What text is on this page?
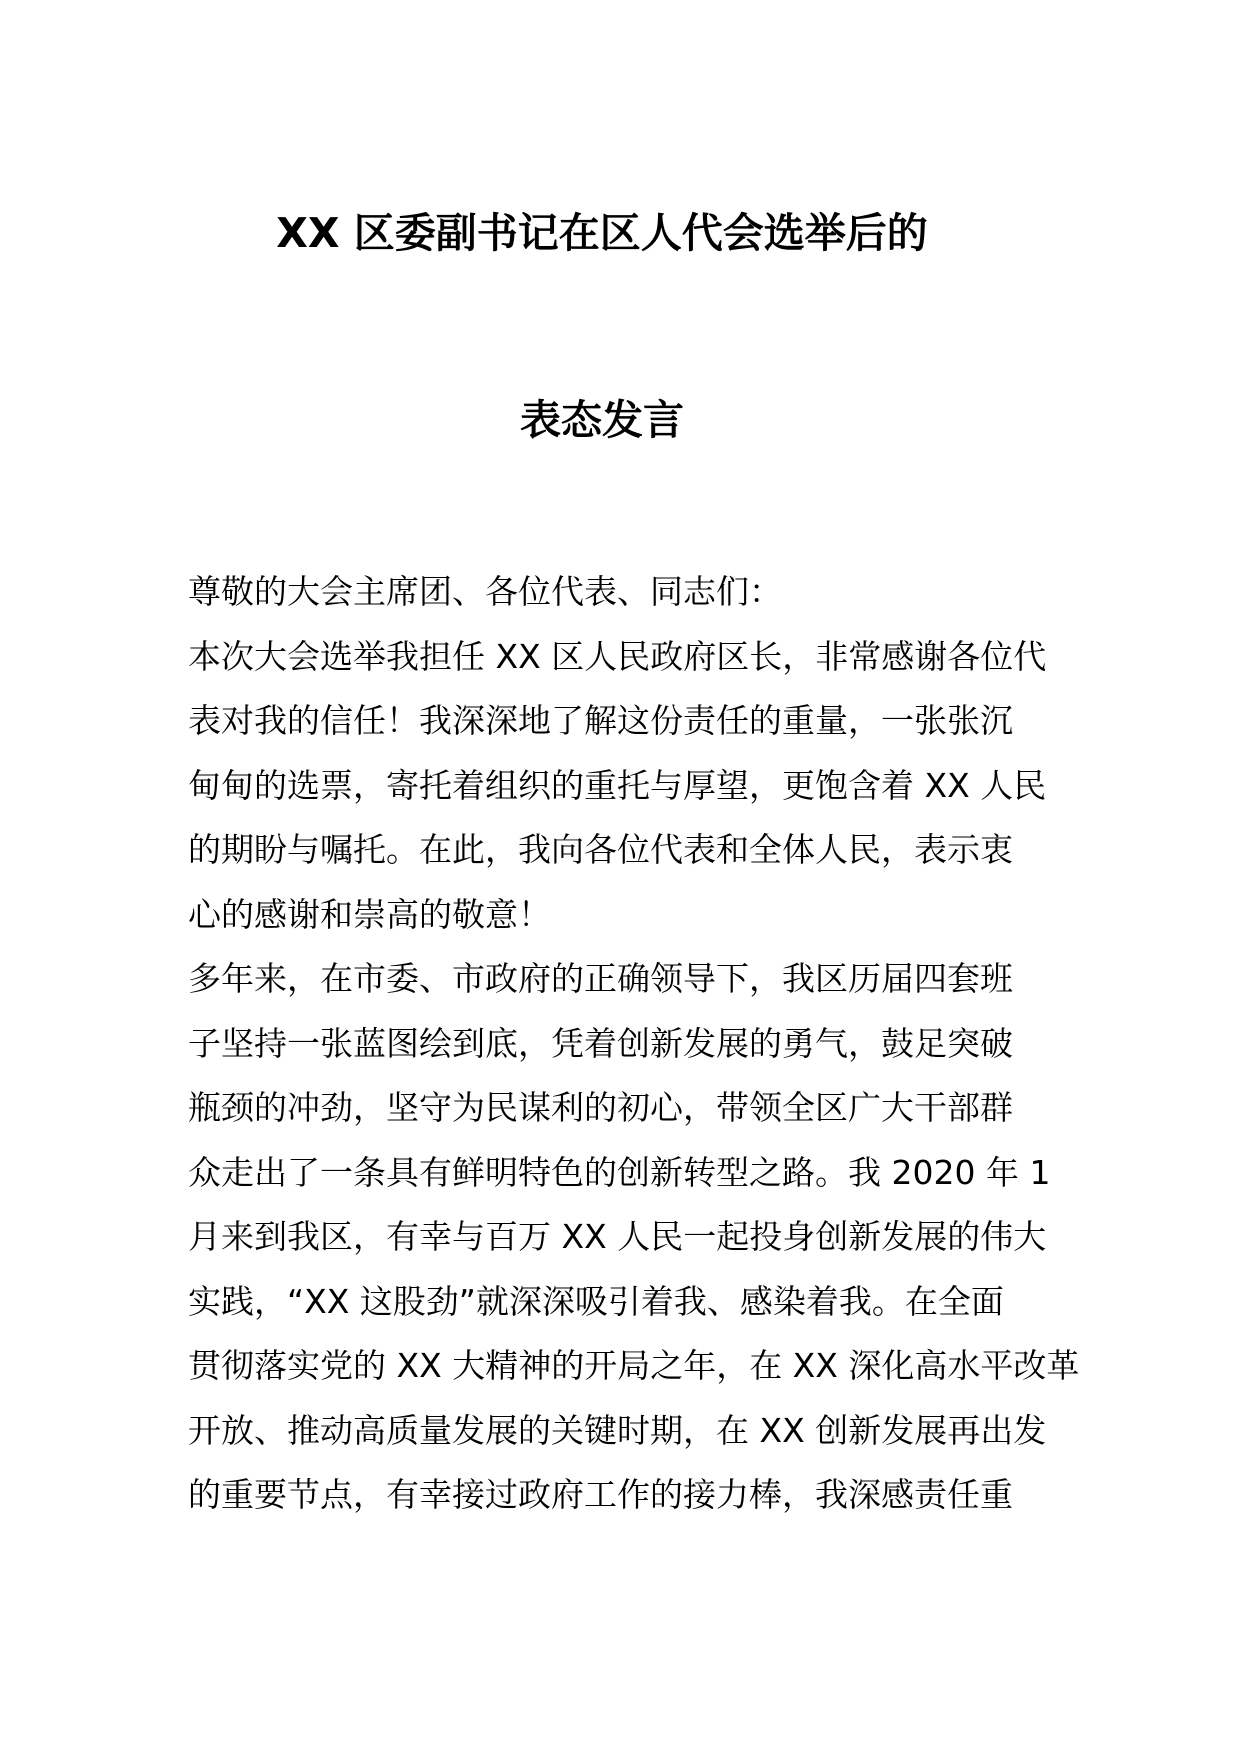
XX 区委副书记在区人代会选举后的
表态发言
尊敬的大会主席团、各位代表、同志们：
本次大会选举我担任 XX 区人民政府区长，非常感谢各位代
表对我的信任！我深深地了解这份责任的重量，一张张沉
甸甸的选票，寄托着组织的重托与厚望，更饱含着 XX 人民
的期盼与嘱托。在此，我向各位代表和全体人民，表示衷
心的感谢和崇高的敬意！
多年来，在市委、市政府的正确领导下，我区历届四套班
子坚持一张蓝图绘到底，凭着创新发展的勇气，鼓足突破
瓶颈的冲劲，坚守为民谋利的初心，带领全区广大干部群
众走出了一条具有鲜明特色的创新转型之路。我 2020 年 1
月来到我区，有幸与百万 XX 人民一起投身创新发展的伟大
实践，“XX 这股劲”就深深吸引着我、感染着我。在全面
贯彻落实党的 XX 大精神的开局之年，在 XX 深化高水平改革
开放、推动高质量发展的关键时期，在 XX 创新发展再出发
的重要节点，有幸接过政府工作的接力棒，我深感责任重
